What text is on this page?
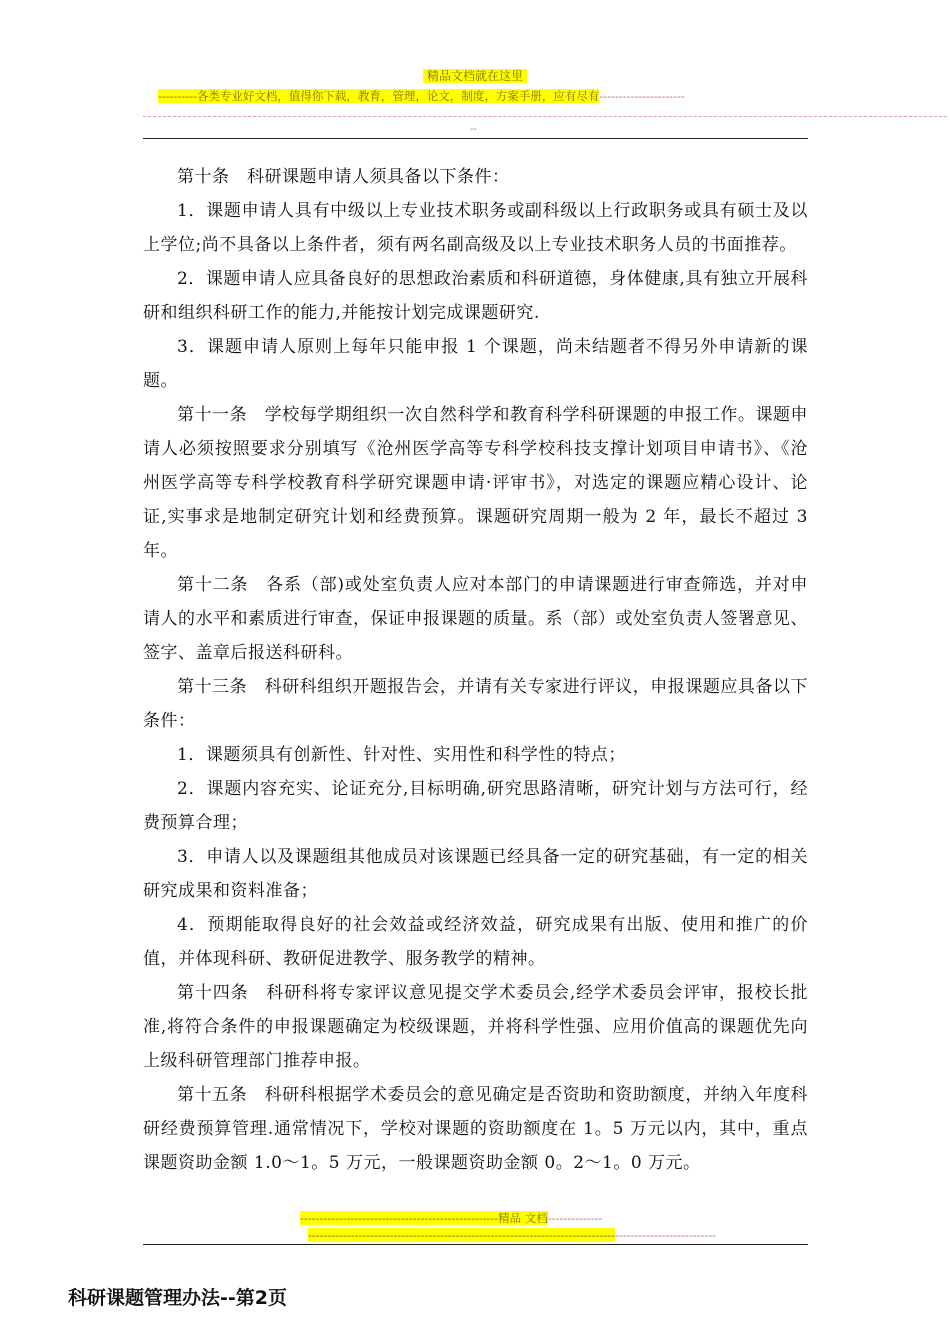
精品文档就在这里
----------各类专业好文档，值得你下载，教育，管理，论文，制度，方案手册，应有尽有----------------------
--

第十条　科研课题申请人须具备以下条件：

1．课题申请人具有中级以上专业技术职务或副科级以上行政职务或具有硕士及以上学位;尚不具备以上条件者，须有两名副高级及以上专业技术职务人员的书面推荐。

2．课题申请人应具备良好的思想政治素质和科研道德，身体健康,具有独立开展科研和组织科研工作的能力,并能按计划完成课题研究.

3．课题申请人原则上每年只能申报 1 个课题，尚未结题者不得另外申请新的课题。

第十一条　学校每学期组织一次自然科学和教育科学科研课题的申报工作。课题申请人必须按照要求分别填写《沧州医学高等专科学校科技支撑计划项目申请书》、《沧州医学高等专科学校教育科学研究课题申请·评审书》，对选定的课题应精心设计、论证,实事求是地制定研究计划和经费预算。课题研究周期一般为 2 年，最长不超过 3 年。

第十二条　各系（部)或处室负责人应对本部门的申请课题进行审查筛选，并对申请人的水平和素质进行审查，保证申报课题的质量。系（部）或处室负责人签署意见、签字、盖章后报送科研科。

第十三条　科研科组织开题报告会，并请有关专家进行评议，申报课题应具备以下条件：

1．课题须具有创新性、针对性、实用性和科学性的特点；

2．课题内容充实、论证充分,目标明确,研究思路清晰，研究计划与方法可行，经费预算合理；

3．申请人以及课题组其他成员对该课题已经具备一定的研究基础，有一定的相关研究成果和资料准备；

4．预期能取得良好的社会效益或经济效益，研究成果有出版、使用和推广的价值，并体现科研、教研促进教学、服务教学的精神。

第十四条　科研科将专家评议意见提交学术委员会,经学术委员会评审，报校长批准,将符合条件的申报课题确定为校级课题，并将科学性强、应用价值高的课题优先向上级科研管理部门推荐申报。

第十五条　科研科根据学术委员会的意见确定是否资助和资助额度，并纳入年度科研经费预算管理.通常情况下，学校对课题的资助额度在 1。5 万元以内，其中，重点课题资助金额 1.0～1。5 万元，一般课题资助金额 0。2～1。0 万元。

---------------------------------------------------精品 文档--------------
---------------------------------------------------------------------------------------------------------
科研课题管理办法--第2页
